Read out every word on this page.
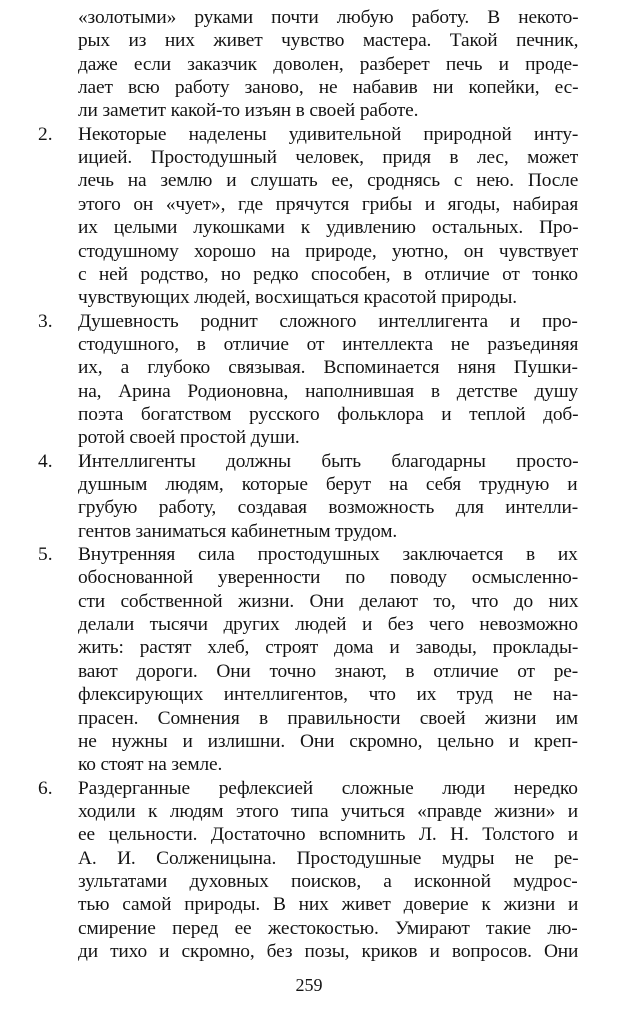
«золотыми» руками почти любую работу. В некото-
рых из них живет чувство мастера. Такой печник,
даже если заказчик доволен, разберет печь и проде-
лает всю работу заново, не набавив ни копейки, ес-
ли заметит какой-то изъян в своей работе.
2.	Некоторые наделены удивительной природной инту-
ицией. Простодушный человек, придя в лес, может
лечь на землю и слушать ее, сроднясь с нею. После
этого он «чует», где прячутся грибы и ягоды, набирая
их целыми лукошками к удивлению остальных. Про-
стодушному хорошо на природе, уютно, он чувствует
с ней родство, но редко способен, в отличие от тонко
чувствующих людей, восхищаться красотой природы.
3.	Душевность роднит сложного интеллигента и про-
стодушного, в отличие от интеллекта не разъединяя
их, а глубоко связывая. Вспоминается няня Пушки-
на, Арина Родионовна, наполнившая в детстве душу
поэта богатством русского фольклора и теплой доб-
ротой своей простой души.
4.	Интеллигенты должны быть благодарны просто-
душным людям, которые берут на себя трудную и
грубую работу, создавая возможность для интелли-
гентов заниматься кабинетным трудом.
5.	Внутренняя сила простодушных заключается в их
обоснованной уверенности по поводу осмысленно-
сти собственной жизни. Они делают то, что до них
делали тысячи других людей и без чего невозможно
жить: растят хлеб, строят дома и заводы, проклады-
вают дороги. Они точно знают, в отличие от ре-
флексирующих интеллигентов, что их труд не на-
прасен. Сомнения в правильности своей жизни им
не нужны и излишни. Они скромно, цельно и креп-
ко стоят на земле.
6.	Раздерганные рефлексией сложные люди нередко
ходили к людям этого типа учиться «правде жизни» и
ее цельности. Достаточно вспомнить Л. Н. Толстого и
А. И. Солженицына. Простодушные мудры не ре-
зультатами духовных поисков, а исконной мудрос-
тью самой природы. В них живет доверие к жизни и
смирение перед ее жестокостью. Умирают такие лю-
ди тихо и скромно, без позы, криков и вопросов. Они
259
